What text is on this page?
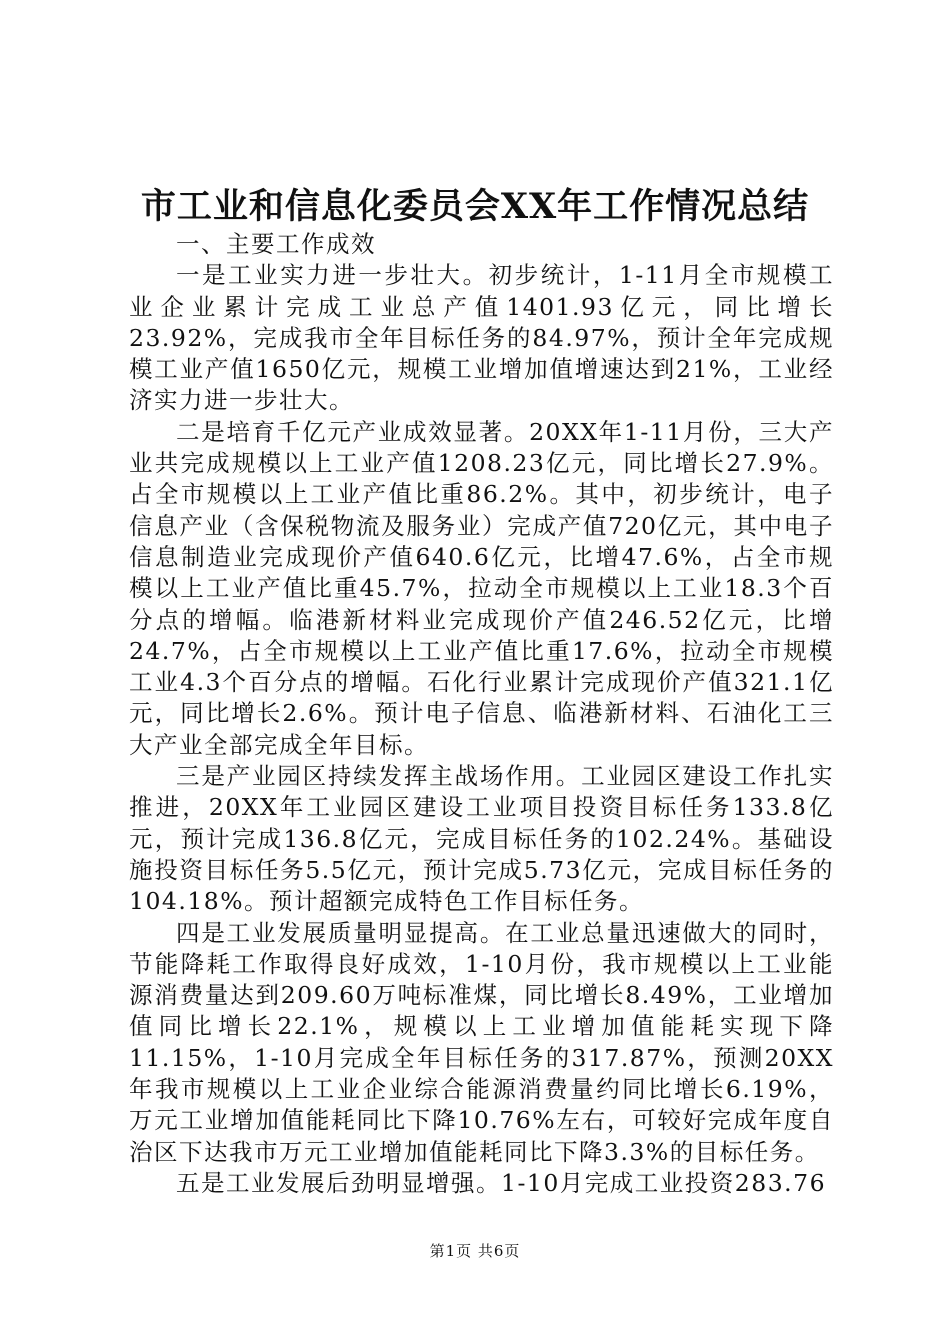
市工业和信息化委员会XX年工作情况总结

一、主要工作成效

一是工业实力进一步壮大。初步统计，1-11月全市规模工业企业累计完成工业总产值1401.93亿元，同比增长23.92%，完成我市全年目标任务的84.97%，预计全年完成规模工业产值1650亿元，规模工业增加值增速达到21%，工业经济实力进一步壮大。

二是培育千亿元产业成效显著。20XX年1-11月份，三大产业共完成规模以上工业产值1208.23亿元，同比增长27.9%。占全市规模以上工业产值比重86.2%。其中，初步统计，电子信息产业（含保税物流及服务业）完成产值720亿元，其中电子信息制造业完成现价产值640.6亿元，比增47.6%，占全市规模以上工业产值比重45.7%，拉动全市规模以上工业18.3个百分点的增幅。临港新材料业完成现价产值246.52亿元，比增24.7%，占全市规模以上工业产值比重17.6%，拉动全市规模工业4.3个百分点的增幅。石化行业累计完成现价产值321.1亿元，同比增长2.6%。预计电子信息、临港新材料、石油化工三大产业全部完成全年目标。

三是产业园区持续发挥主战场作用。工业园区建设工作扎实推进，20XX年工业园区建设工业项目投资目标任务133.8亿元，预计完成136.8亿元，完成目标任务的102.24%。基础设施投资目标任务5.5亿元，预计完成5.73亿元，完成目标任务的104.18%。预计超额完成特色工作目标任务。

四是工业发展质量明显提高。在工业总量迅速做大的同时，节能降耗工作取得良好成效，1-10月份，我市规模以上工业能源消费量达到209.60万吨标准煤，同比增长8.49%，工业增加值同比增长22.1%，规模以上工业增加值能耗实现下降11.15%，1-10月完成全年目标任务的317.87%，预测20XX年我市规模以上工业企业综合能源消费量约同比增长6.19%，万元工业增加值能耗同比下降10.76%左右，可较好完成年度自治区下达我市万元工业增加值能耗同比下降3.3%的目标任务。

五是工业发展后劲明显增强。1-10月完成工业投资283.76

第1页 共6页
